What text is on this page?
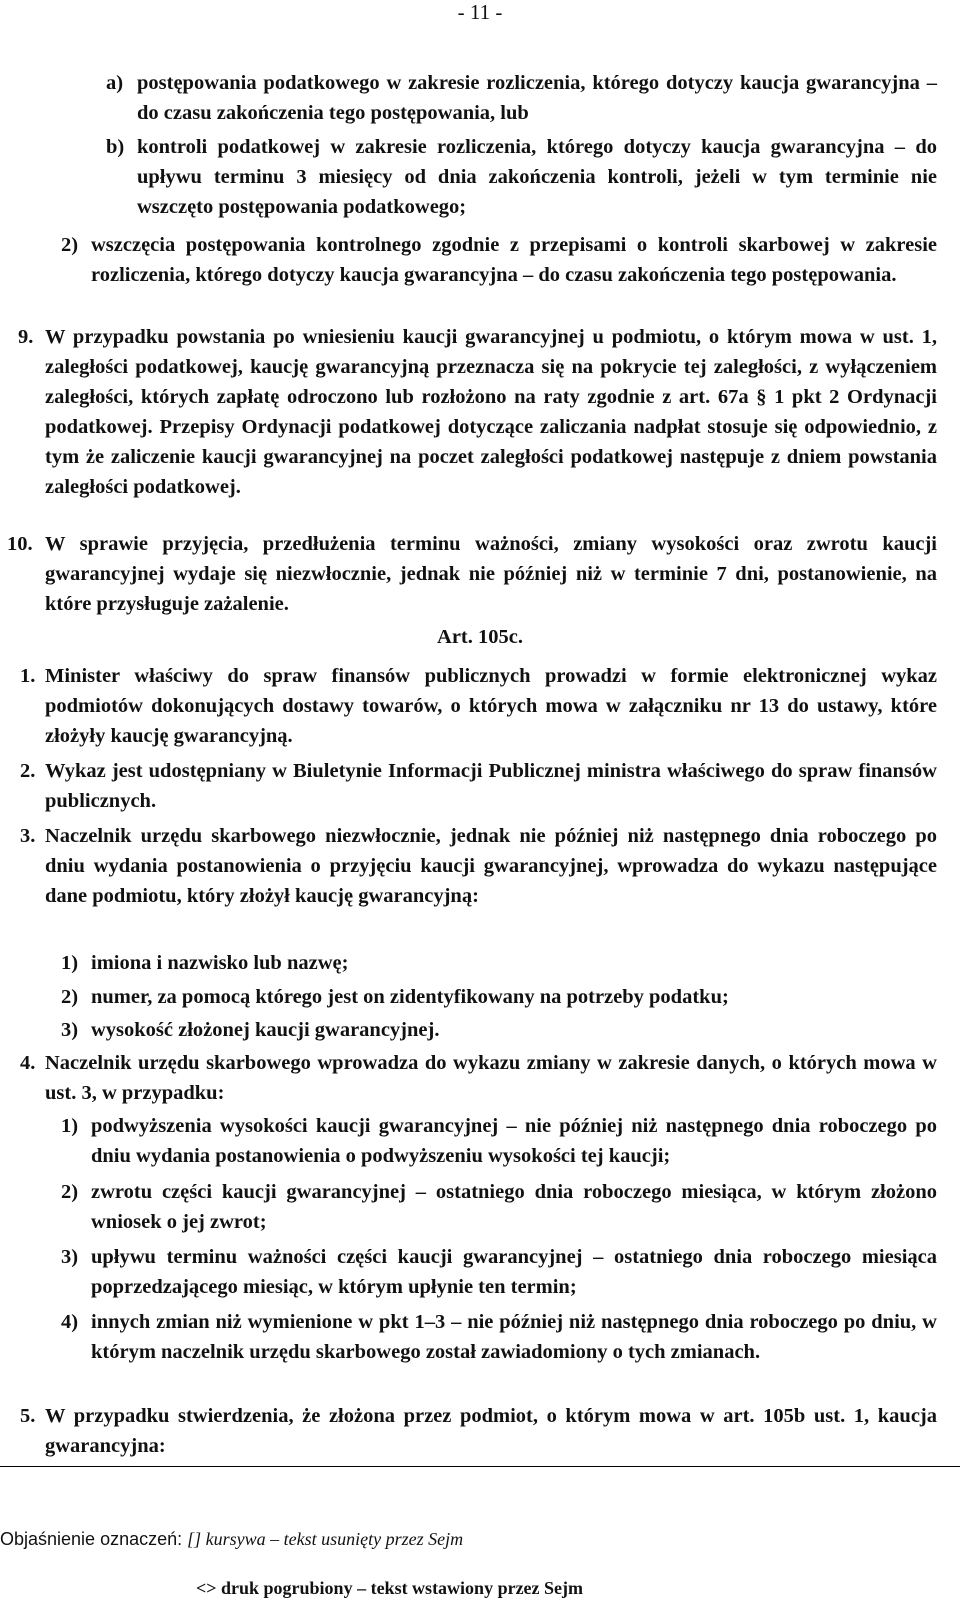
- 11 -
a) postępowania podatkowego w zakresie rozliczenia, którego dotyczy kaucja gwarancyjna – do czasu zakończenia tego postępowania, lub
b) kontroli podatkowej w zakresie rozliczenia, którego dotyczy kaucja gwarancyjna – do upływu terminu 3 miesięcy od dnia zakończenia kontroli, jeżeli w tym terminie nie wszczęto postępowania podatkowego;
2) wszczęcia postępowania kontrolnego zgodnie z przepisami o kontroli skarbowej w zakresie rozliczenia, którego dotyczy kaucja gwarancyjna – do czasu zakończenia tego postępowania.
9. W przypadku powstania po wniesieniu kaucji gwarancyjnej u podmiotu, o którym mowa w ust. 1, zaległości podatkowej, kaucję gwarancyjną przeznacza się na pokrycie tej zaległości, z wyłączeniem zaległości, których zapłatę odroczono lub rozłożono na raty zgodnie z art. 67a § 1 pkt 2 Ordynacji podatkowej. Przepisy Ordynacji podatkowej dotyczące zaliczania nadpłat stosuje się odpowiednio, z tym że zaliczenie kaucji gwarancyjnej na poczet zaległości podatkowej następuje z dniem powstania zaległości podatkowej.
10. W sprawie przyjęcia, przedłużenia terminu ważności, zmiany wysokości oraz zwrotu kaucji gwarancyjnej wydaje się niezwłocznie, jednak nie później niż w terminie 7 dni, postanowienie, na które przysługuje zażalenie.
Art. 105c.
1. Minister właściwy do spraw finansów publicznych prowadzi w formie elektronicznej wykaz podmiotów dokonujących dostawy towarów, o których mowa w załączniku nr 13 do ustawy, które złożyły kaucję gwarancyjną.
2. Wykaz jest udostępniany w Biuletynie Informacji Publicznej ministra właściwego do spraw finansów publicznych.
3. Naczelnik urzędu skarbowego niezwłocznie, jednak nie później niż następnego dnia roboczego po dniu wydania postanowienia o przyjęciu kaucji gwarancyjnej, wprowadza do wykazu następujące dane podmiotu, który złożył kaucję gwarancyjną:
1) imiona i nazwisko lub nazwę;
2) numer, za pomocą którego jest on zidentyfikowany na potrzeby podatku;
3) wysokość złożonej kaucji gwarancyjnej.
4. Naczelnik urzędu skarbowego wprowadza do wykazu zmiany w zakresie danych, o których mowa w ust. 3, w przypadku:
1) podwyższenia wysokości kaucji gwarancyjnej – nie później niż następnego dnia roboczego po dniu wydania postanowienia o podwyższeniu wysokości tej kaucji;
2) zwrotu części kaucji gwarancyjnej – ostatniego dnia roboczego miesiąca, w którym złożono wniosek o jej zwrot;
3) upływu terminu ważności części kaucji gwarancyjnej – ostatniego dnia roboczego miesiąca poprzedzającego miesiąc, w którym upłynie ten termin;
4) innych zmian niż wymienione w pkt 1–3 – nie później niż następnego dnia roboczego po dniu, w którym naczelnik urzędu skarbowego został zawiadomiony o tych zmianach.
5. W przypadku stwierdzenia, że złożona przez podmiot, o którym mowa w art. 105b ust. 1, kaucja gwarancyjna:
Objaśnienie oznaczeń: [] kursywa – tekst usunięty przez Sejm
<> druk pogrubiony – tekst wstawiony przez Sejm
